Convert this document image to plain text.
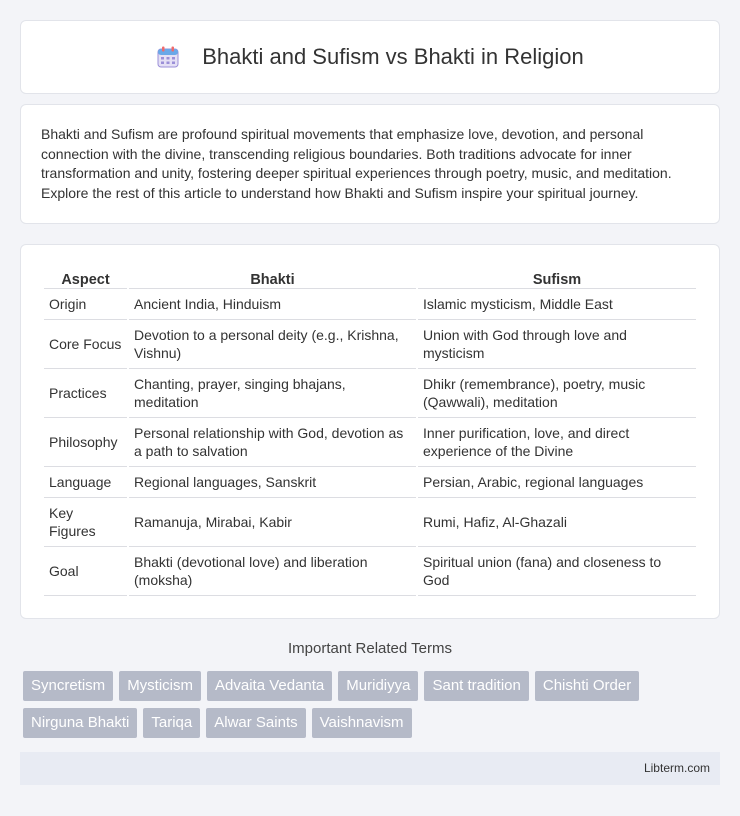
Bhakti and Sufism vs Bhakti in Religion

Bhakti and Sufism are profound spiritual movements that emphasize love, devotion, and personal connection with the divine, transcending religious boundaries. Both traditions advocate for inner transformation and unity, fostering deeper spiritual experiences through poetry, music, and meditation. Explore the rest of this article to understand how Bhakti and Sufism inspire your spiritual journey.

Aspect	Bhakti	Sufism
Origin	Ancient India, Hinduism	Islamic mysticism, Middle East
Core Focus	Devotion to a personal deity (e.g., Krishna, Vishnu)	Union with God through love and mysticism
Practices	Chanting, prayer, singing bhajans, meditation	Dhikr (remembrance), poetry, music (Qawwali), meditation
Philosophy	Personal relationship with God, devotion as a path to salvation	Inner purification, love, and direct experience of the Divine
Language	Regional languages, Sanskrit	Persian, Arabic, regional languages
Key Figures	Ramanuja, Mirabai, Kabir	Rumi, Hafiz, Al-Ghazali
Goal	Bhakti (devotional love) and liberation (moksha)	Spiritual union (fana) and closeness to God
Important Related Terms
Syncretism	Mysticism	Advaita Vedanta	Muridiyya	Sant tradition	Chishti Order
Nirguna Bhakti	Tariqa	Alwar Saints	Vaishnavism
Libterm.com
